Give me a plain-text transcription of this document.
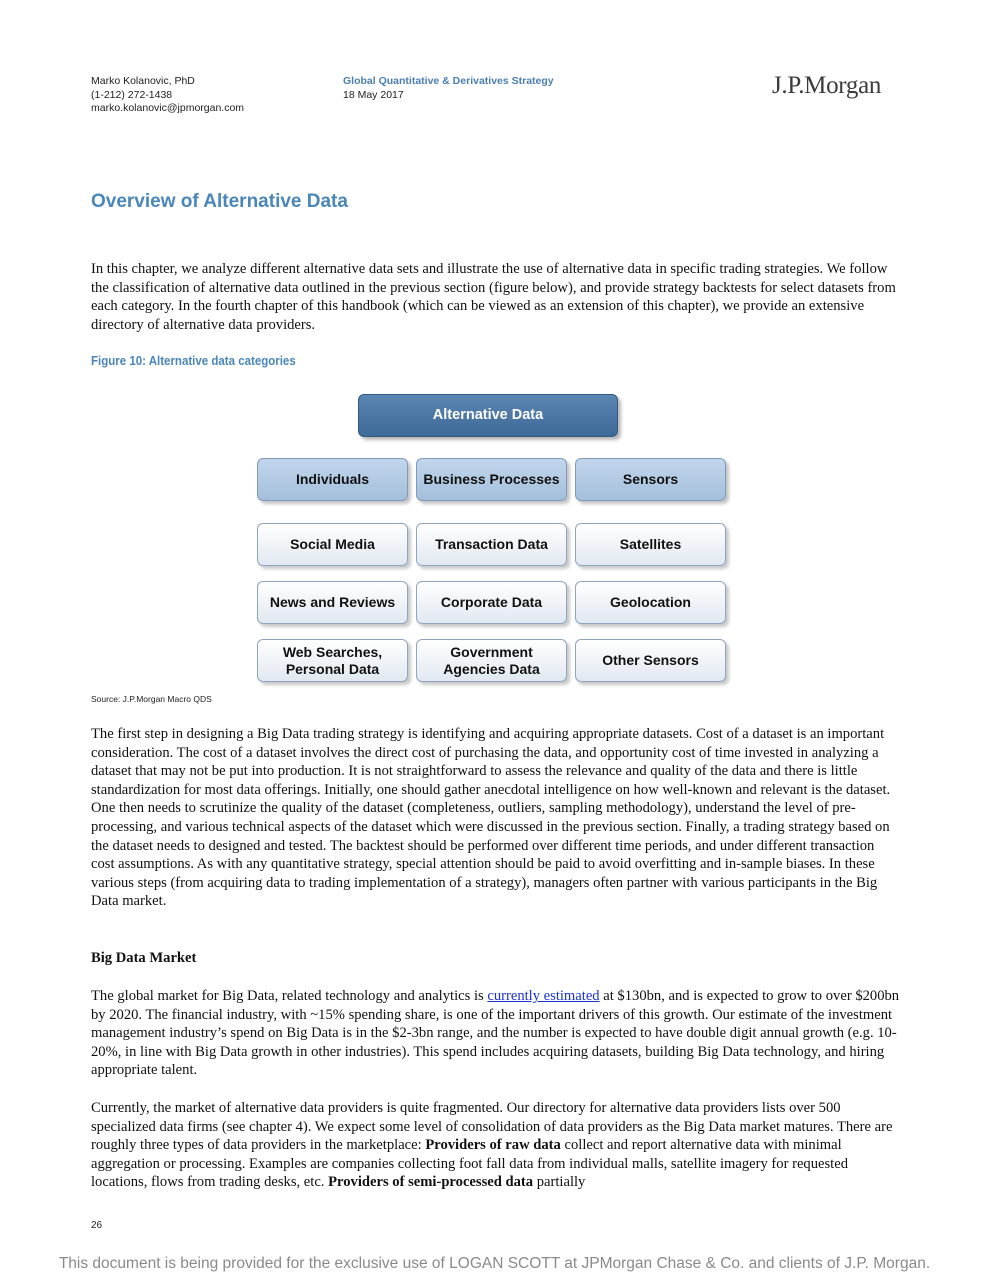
Marko Kolanovic, PhD
(1-212) 272-1438
marko.kolanovic@jpmorgan.com
Global Quantitative & Derivatives Strategy
18 May 2017	J.P.Morgan
Overview of Alternative Data

In this chapter, we analyze different alternative data sets and illustrate the use of alternative data in specific trading strategies. We follow the classification of alternative data outlined in the previous section (figure below), and provide strategy backtests for select datasets from each category. In the fourth chapter of this handbook (which can be viewed as an extension of this chapter), we provide an extensive directory of alternative data providers.

Figure 10: Alternative data categories
Alternative Data
Individuals	Business Processes	Sensors
Social Media	Transaction Data	Satellites
News and Reviews	Corporate Data	Geolocation
Web Searches, Personal Data
Government Agencies Data
Other Sensors
Source: J.P.Morgan Macro QDS

The first step in designing a Big Data trading strategy is identifying and acquiring appropriate datasets. Cost of a dataset is an important consideration. The cost of a dataset involves the direct cost of purchasing the data, and opportunity cost of time invested in analyzing a dataset that may not be put into production. It is not straightforward to assess the relevance and quality of the data and there is little standardization for most data offerings. Initially, one should gather anecdotal intelligence on how well-known and relevant is the dataset. One then needs to scrutinize the quality of the dataset (completeness, outliers, sampling methodology), understand the level of pre-processing, and various technical aspects of the dataset which were discussed in the previous section. Finally, a trading strategy based on the dataset needs to designed and tested. The backtest should be performed over different time periods, and under different transaction cost assumptions. As with any quantitative strategy, special attention should be paid to avoid overfitting and in-sample biases. In these various steps (from acquiring data to trading implementation of a strategy), managers often partner with various participants in the Big Data market.

Big Data Market

The global market for Big Data, related technology and analytics is currently estimated at $130bn, and is expected to grow to over $200bn by 2020. The financial industry, with ~15% spending share, is one of the important drivers of this growth. Our estimate of the investment management industry’s spend on Big Data is in the $2-3bn range, and the number is expected to have double digit annual growth (e.g. 10-20%, in line with Big Data growth in other industries). This spend includes acquiring datasets, building Big Data technology, and hiring appropriate talent.

Currently, the market of alternative data providers is quite fragmented. Our directory for alternative data providers lists over 500 specialized data firms (see chapter 4). We expect some level of consolidation of data providers as the Big Data market matures. There are roughly three types of data providers in the marketplace: Providers of raw data collect and report alternative data with minimal aggregation or processing. Examples are companies collecting foot fall data from individual malls, satellite imagery for requested locations, flows from trading desks, etc. Providers of semi-processed data partially

26
This document is being provided for the exclusive use of LOGAN SCOTT at JPMorgan Chase & Co. and clients of J.P. Morgan.
